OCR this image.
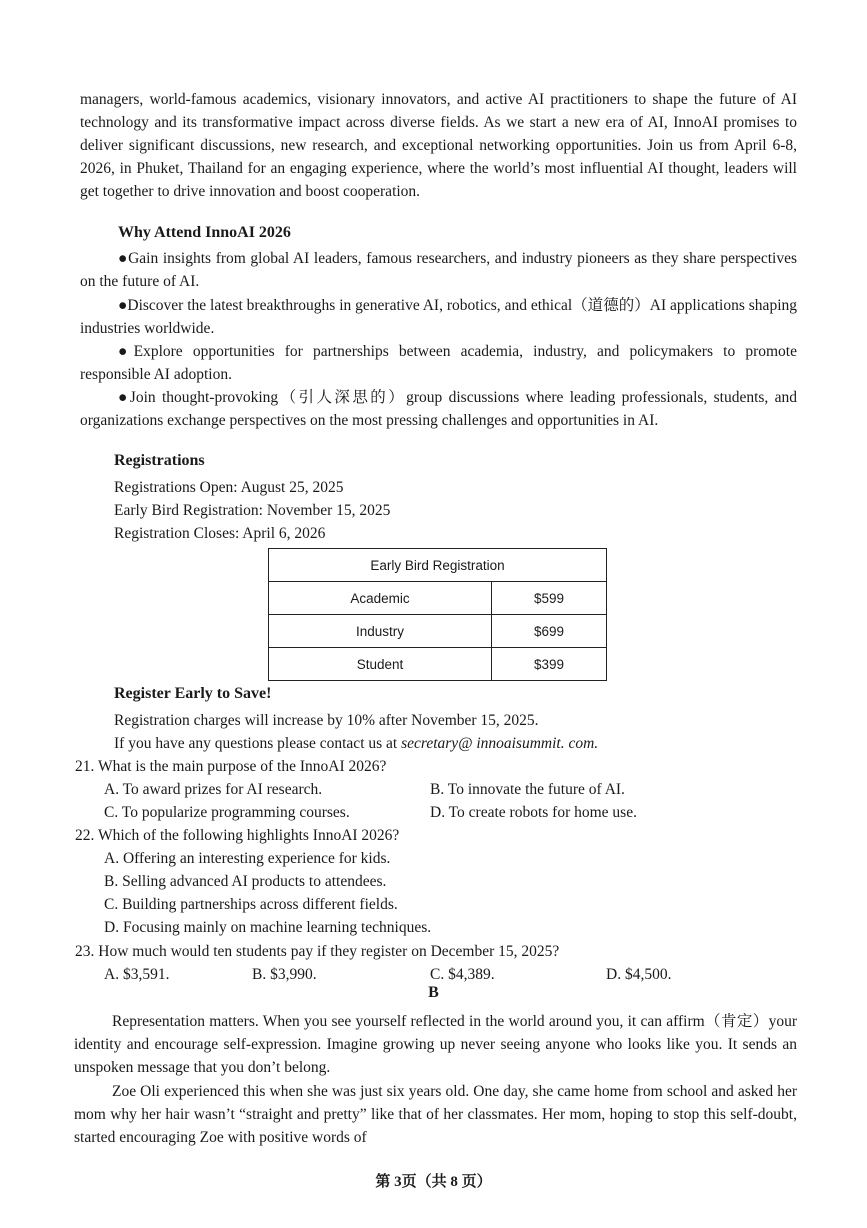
managers, world-famous academics, visionary innovators, and active AI practitioners to shape the future of AI technology and its transformative impact across diverse fields. As we start a new era of AI, InnoAI promises to deliver significant discussions, new research, and exceptional networking opportunities. Join us from April 6-8, 2026, in Phuket, Thailand for an engaging experience, where the world’s most influential AI thought, leaders will get together to drive innovation and boost cooperation.
Why Attend InnoAI 2026
●Gain insights from global AI leaders, famous researchers, and industry pioneers as they share perspectives on the future of AI.
●Discover the latest breakthroughs in generative AI, robotics, and ethical（道德的）AI applications shaping industries worldwide.
●Explore opportunities for partnerships between academia, industry, and policymakers to promote responsible AI adoption.
●Join thought-provoking（引人深思的）group discussions where leading professionals, students, and organizations exchange perspectives on the most pressing challenges and opportunities in AI.
Registrations
Registrations Open: August 25, 2025
Early Bird Registration: November 15, 2025
Registration Closes: April 6, 2026
Early Bird Registration	
Academic	$599
Industry	$699
Student	$399
Register Early to Save!
Registration charges will increase by 10% after November 15, 2025.
If you have any questions please contact us at secretary@ innoaisummit. com.
21. What is the main purpose of the InnoAI 2026?
A. To award prizes for AI research.	B. To innovate the future of AI.
C. To popularize programming courses.	D. To create robots for home use.
22. Which of the following highlights InnoAI 2026?
A. Offering an interesting experience for kids.
B. Selling advanced AI products to attendees.
C. Building partnerships across different fields.
D. Focusing mainly on machine learning techniques.
23. How much would ten students pay if they register on December 15, 2025?
A. $3,591.	B. $3,990.	C. $4,389.	D. $4,500.
B
Representation matters. When you see yourself reflected in the world around you, it can affirm（肯定）your identity and encourage self-expression. Imagine growing up never seeing anyone who looks like you. It sends an unspoken message that you don’t belong.
Zoe Oli experienced this when she was just six years old. One day, she came home from school and asked her mom why her hair wasn’t “straight and pretty” like that of her classmates. Her mom, hoping to stop this self-doubt, started encouraging Zoe with positive words of
第 3页（共 8 页）
